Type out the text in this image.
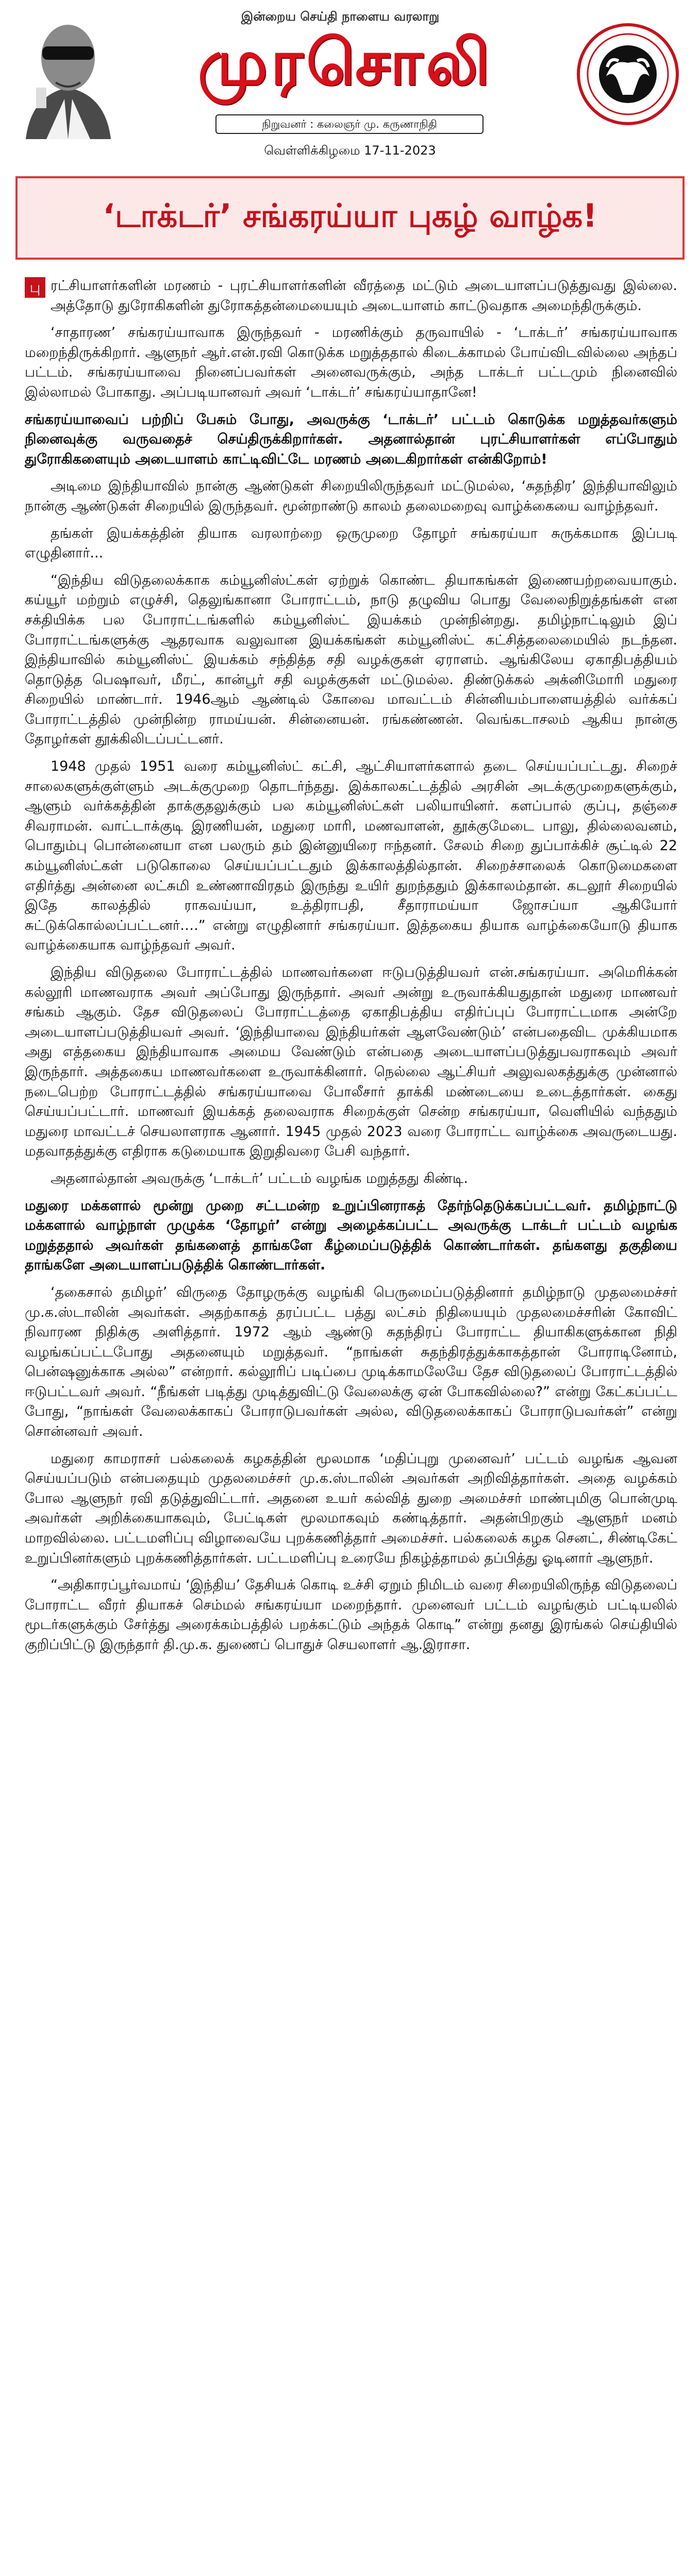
இன்றைய செய்தி நாளைய வரலாறு
முரசொலி
நிறுவனர் : கலைஞர் மு. கருணாநிதி
வெள்ளிக்கிழமை 17-11-2023
‘டாக்டர்’ சங்கரய்யா புகழ் வாழ்க!

பு ரட்சியாளர்களின் மரணம் - புரட்சியாளர்களின் வீரத்தை மட்டும் அடையாளப்படுத்துவது இல்லை. அத்தோடு துரோகிகளின் துரோகத்தன்மையையும் அடையாளம் காட்டுவதாக அமைந்திருக்கும்.

‘சாதாரண’ சங்கரய்யாவாக இருந்தவர் - மரணிக்கும் தருவாயில் - ‘டாக்டர்’ சங்கரய்யாவாக மறைந்திருக்கிறார். ஆளுநர் ஆர்.என்.ரவி கொடுக்க மறுத்ததால் கிடைக்காமல் போய்விடவில்லை அந்தப் பட்டம். சங்கரய்யாவை நினைப்பவர்கள் அனைவருக்கும், அந்த டாக்டர் பட்டமும் நினைவில் இல்லாமல் போகாது. அப்படியானவர் அவர் ‘டாக்டர்’ சங்கரய்யாதானே!

சங்கரய்யாவைப் பற்றிப் பேசும் போது, அவருக்கு ‘டாக்டர்’ பட்டம் கொடுக்க மறுத்தவர்களும் நினைவுக்கு வருவதைச் செய்திருக்கிறார்கள். அதனால்தான் புரட்சியாளர்கள் எப்போதும் துரோகிகளையும் அடையாளம் காட்டிவிட்டே மரணம் அடைகிறார்கள் என்கிறோம்!

அடிமை இந்தியாவில் நான்கு ஆண்டுகள் சிறையிலிருந்தவர் மட்டுமல்ல, ‘சுதந்திர’ இந்தியாவிலும் நான்கு ஆண்டுகள் சிறையில் இருந்தவர். மூன்றாண்டு காலம் தலைமறைவு வாழ்க்கையை வாழ்ந்தவர்.

தங்கள் இயக்கத்தின் தியாக வரலாற்றை ஒருமுறை தோழர் சங்கரய்யா சுருக்கமாக இப்படி எழுதினார்...

“இந்திய விடுதலைக்காக கம்யூனிஸ்ட்கள் ஏற்றுக் கொண்ட தியாகங்கள் இணையற்றவையாகும். கய்யூர் மற்றும் எழுச்சி, தெலுங்கானா போராட்டம், நாடு தழுவிய பொது வேலைநிறுத்தங்கள் என சக்தியிக்க பல போராட்டங்களில் கம்யூனிஸ்ட் இயக்கம் முன்நின்றது. தமிழ்நாட்டிலும் இப் போராட்டங்களுக்கு ஆதரவாக வலுவான இயக்கங்கள் கம்யூனிஸ்ட் கட்சித்தலைமையில் நடந்தன. இந்தியாவில் கம்யூனிஸ்ட் இயக்கம் சந்தித்த சதி வழக்குகள் ஏராளம். ஆங்கிலேய ஏகாதிபத்தியம் தொடுத்த பெஷாவர், மீரட், கான்பூர் சதி வழக்குகள் மட்டுமல்ல. திண்டுக்கல் அக்னிமோரி மதுரை சிறையில் மாண்டார். 1946ஆம் ஆண்டில் கோவை மாவட்டம் சின்னியம்பாளையத்தில் வர்க்கப் போராட்டத்தில் முன்நின்ற ராமய்யன். சின்னையன். ரங்கண்ணன். வெங்கடாசலம் ஆகிய நான்கு தோழர்கள் தூக்கிலிடப்பட்டனர்.

1948 முதல் 1951 வரை கம்யூனிஸ்ட் கட்சி, ஆட்சியாளர்களால் தடை செய்யப்பட்டது. சிறைச் சாலைகளுக்குள்ளும் அடக்குமுறை தொடர்ந்தது. இக்காலகட்டத்தில் அரசின் அடக்குமுறைகளுக்கும், ஆளும் வர்க்கத்தின் தாக்குதலுக்கும் பல கம்யூனிஸ்ட்கள் பலியாயினர். களப்பால் குப்பு, தஞ்சை சிவராமன். வாட்டாக்குடி இரணியன், மதுரை மாரி, மணவாளன், தூக்குமேடை பாலு, தில்லைவனம், பொதும்பு பொன்னையா என பலரும் தம் இன்னுயிரை ஈந்தனர். சேலம் சிறை துப்பாக்கிச் சூட்டில் 22 கம்யூனிஸ்ட்கள் படுகொலை செய்யப்பட்டதும் இக்காலத்தில்தான். சிறைச்சாலைக் கொடுமைகளை எதிர்த்து அன்னை லட்சுமி உண்ணாவிரதம் இருந்து உயிர் துறந்ததும் இக்காலம்தான். கடலூர் சிறையில் இதே காலத்தில் ராகவய்யா, உத்திராபதி, சீதாராமய்யா ஜோசப்யா ஆகியோர் சுட்டுக்கொல்லப்பட்டனர்….” என்று எழுதினார் சங்கரய்யா. இத்தகைய தியாக வாழ்க்கையோடு தியாக வாழ்க்கையாக வாழ்ந்தவர் அவர்.

இந்திய விடுதலை போராட்டத்தில் மாணவர்களை ஈடுபடுத்தியவர் என்.சங்கரய்யா. அமெரிக்கன் கல்லூரி மாணவராக அவர் அப்போது இருந்தார். அவர் அன்று உருவாக்கியதுதான் மதுரை மாணவர் சங்கம் ஆகும். தேச விடுதலைப் போராட்டத்தை ஏகாதிபத்திய எதிர்ப்புப் போராட்டமாக அன்றே அடையாளப்படுத்தியவர் அவர். ‘இந்தியாவை இந்தியர்கள் ஆளவேண்டும்’ என்பதைவிட முக்கியமாக அது எத்தகைய இந்தியாவாக அமைய வேண்டும் என்பதை அடையாளப்படுத்துபவராகவும் அவர் இருந்தார். அத்தகைய மாணவர்களை உருவாக்கினார். நெல்லை ஆட்சியர் அலுவலகத்துக்கு முன்னால் நடைபெற்ற போராட்டத்தில் சங்கரய்யாவை போலீசார் தாக்கி மண்டையை உடைத்தார்கள். கைது செய்யப்பட்டார். மாணவர் இயக்கத் தலைவராக சிறைக்குள் சென்ற சங்கரய்யா, வெளியில் வந்ததும் மதுரை மாவட்டச் செயலாளராக ஆனார். 1945 முதல் 2023 வரை போராட்ட வாழ்க்கை அவருடையது. மதவாதத்துக்கு எதிராக கடுமையாக இறுதிவரை பேசி வந்தார்.

அதனால்தான் அவருக்கு ‘டாக்டர்’ பட்டம் வழங்க மறுத்தது கிண்டி.

மதுரை மக்களால் மூன்று முறை சட்டமன்ற உறுப்பினராகத் தேர்ந்தெடுக்கப்பட்டவர். தமிழ்நாட்டு மக்களால் வாழ்நாள் முழுக்க ‘தோழர்’ என்று அழைக்கப்பட்ட அவருக்கு டாக்டர் பட்டம் வழங்க மறுத்ததால் அவர்கள் தங்களைத் தாங்களே கீழ்மைப்படுத்திக் கொண்டார்கள். தங்களது தகுதியை தாங்களே அடையாளப்படுத்திக் கொண்டார்கள்.

‘தகைசால் தமிழர்’ விருதை தோழருக்கு வழங்கி பெருமைப்படுத்தினார் தமிழ்நாடு முதலமைச்சர் மு.க.ஸ்டாலின் அவர்கள். அதற்காகத் தரப்பட்ட பத்து லட்சம் நிதியையும் முதலமைச்சரின் கோவிட் நிவாரண நிதிக்கு அளித்தார். 1972 ஆம் ஆண்டு சுதந்திரப் போராட்ட தியாகிகளுக்கான நிதி வழங்கப்பட்டபோது அதனையும் மறுத்தவர். “நாங்கள் சுதந்திரத்துக்காகத்தான் போராடினோம், பென்ஷனுக்காக அல்ல” என்றார். கல்லூரிப் படிப்பை முடிக்காமலேயே தேச விடுதலைப் போராட்டத்தில் ஈடுபட்டவர் அவர். “நீங்கள் படித்து முடித்துவிட்டு வேலைக்கு ஏன் போகவில்லை?” என்று கேட்கப்பட்ட போது, “நாங்கள் வேலைக்காகப் போராடுபவர்கள் அல்ல, விடுதலைக்காகப் போராடுபவர்கள்” என்று சொன்னவர் அவர்.

மதுரை காமராசர் பல்கலைக் கழகத்தின் மூலமாக ‘மதிப்புறு முனைவர்’ பட்டம் வழங்க ஆவன செய்யப்படும் என்பதையும் முதலமைச்சர் மு.க.ஸ்டாலின் அவர்கள் அறிவித்தார்கள். அதை வழக்கம் போல ஆளுநர் ரவி தடுத்துவிட்டார். அதனை உயர் கல்வித் துறை அமைச்சர் மாண்புமிகு பொன்முடி அவர்கள் அறிக்கையாகவும், பேட்டிகள் மூலமாகவும் கண்டித்தார். அதன்பிறகும் ஆளுநர் மனம் மாறவில்லை. பட்டமளிப்பு விழாவையே புறக்கணித்தார் அமைச்சர். பல்கலைக் கழக செனட், சிண்டிகேட் உறுப்பினர்களும் புறக்கணித்தார்கள். பட்டமளிப்பு உரையே நிகழ்த்தாமல் தப்பித்து ஓடினார் ஆளுநர்.

“அதிகாரப்பூர்வமாய் ‘இந்திய’ தேசியக் கொடி உச்சி ஏறும் நிமிடம் வரை சிறையிலிருந்த விடுதலைப் போராட்ட வீரர் தியாகச் செம்மல் சங்கரய்யா மறைந்தார். முனைவர் பட்டம் வழங்கும் பட்டியலில் மூடர்களுக்கும் சேர்த்து அரைக்கம்பத்தில் பறக்கட்டும் அந்தக் கொடி” என்று தனது இரங்கல் செய்தியில் குறிப்பிட்டு இருந்தார் தி.மு.க. துணைப் பொதுச் செயலாளர் ஆ.இராசா.
